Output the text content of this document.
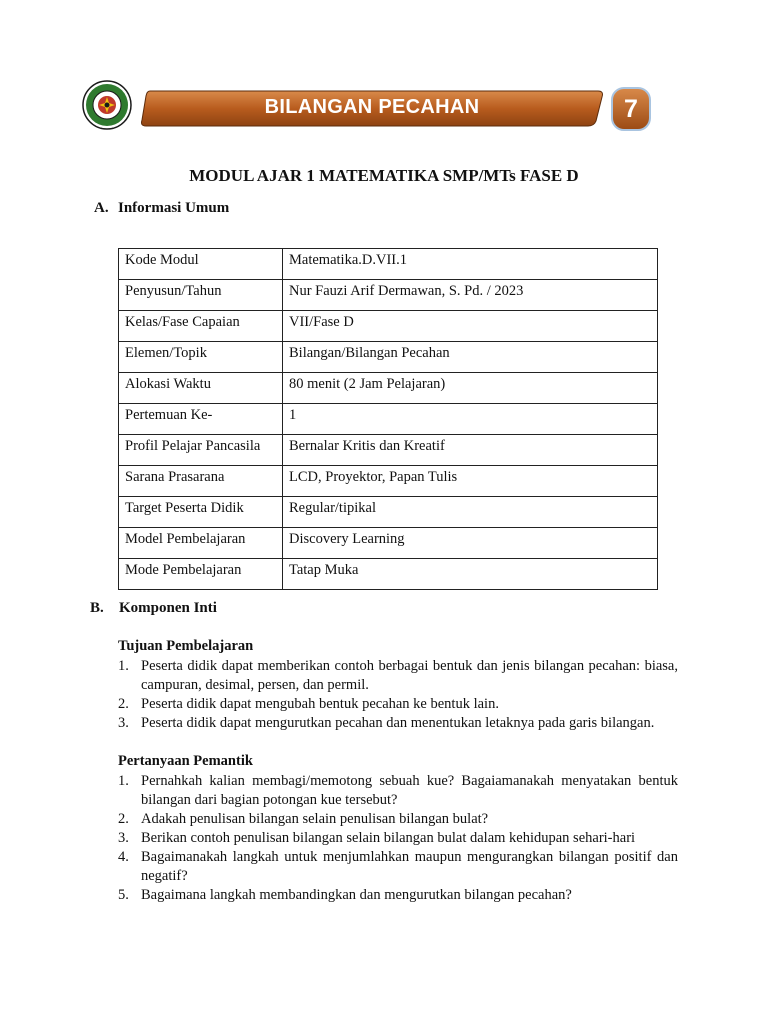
BILANGAN PECAHAN	7
MODUL AJAR 1 MATEMATIKA SMP/MTs FASE D
A. Informasi Umum
Kode Modul	Matematika.D.VII.1
Penyusun/Tahun	Nur Fauzi Arif Dermawan, S. Pd. / 2023
Kelas/Fase Capaian	VII/Fase D
Elemen/Topik	Bilangan/Bilangan Pecahan
Alokasi Waktu	80 menit (2 Jam Pelajaran)
Pertemuan Ke-	1
Profil Pelajar Pancasila	Bernalar Kritis dan Kreatif
Sarana Prasarana	LCD, Proyektor, Papan Tulis
Target Peserta Didik	Regular/tipikal
Model Pembelajaran	Discovery Learning
Mode Pembelajaran	Tatap Muka
B. Komponen Inti
Tujuan Pembelajaran
1. Peserta didik dapat memberikan contoh berbagai bentuk dan jenis bilangan pecahan: biasa, campuran, desimal, persen, dan permil.
2. Peserta didik dapat mengubah bentuk pecahan ke bentuk lain.
3. Peserta didik dapat mengurutkan pecahan dan menentukan letaknya pada garis bilangan.
Pertanyaan Pemantik
1. Pernahkah kalian membagi/memotong sebuah kue? Bagaiamanakah menyatakan bentuk bilangan dari bagian potongan kue tersebut?
2. Adakah penulisan bilangan selain penulisan bilangan bulat?
3. Berikan contoh penulisan bilangan selain bilangan bulat dalam kehidupan sehari-hari
4. Bagaimanakah langkah untuk menjumlahkan maupun mengurangkan bilangan positif dan negatif?
5. Bagaimana langkah membandingkan dan mengurutkan bilangan pecahan?
